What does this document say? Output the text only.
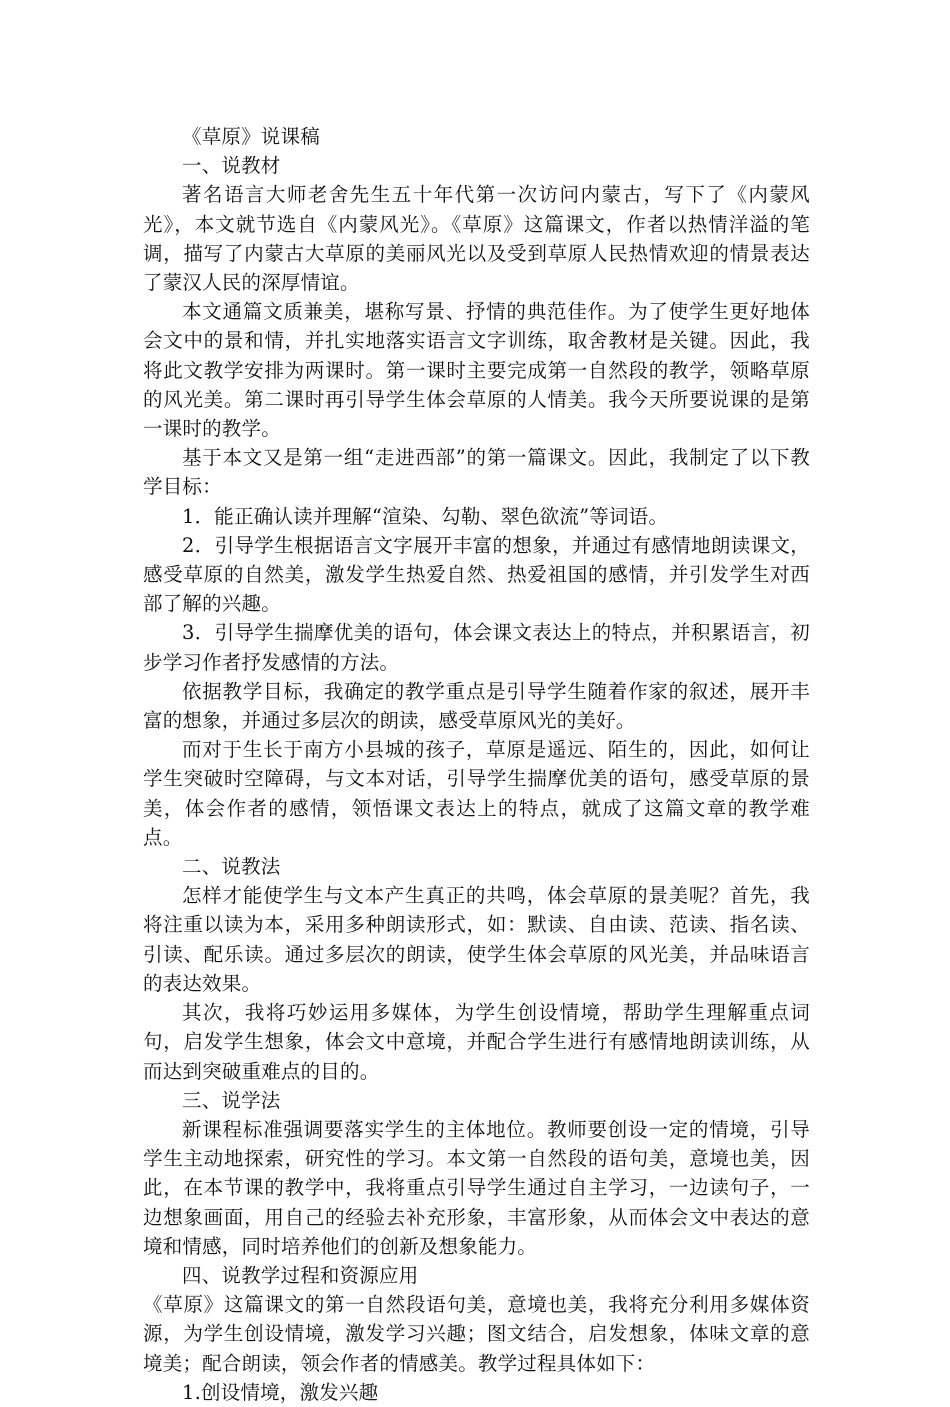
《草原》说课稿

一、说教材

著名语言大师老舍先生五十年代第一次访问内蒙古，写下了《内蒙风光》，本文就节选自《内蒙风光》。《草原》这篇课文，作者以热情洋溢的笔调，描写了内蒙古大草原的美丽风光以及受到草原人民热情欢迎的情景表达了蒙汉人民的深厚情谊。

本文通篇文质兼美，堪称写景、抒情的典范佳作。为了使学生更好地体会文中的景和情，并扎实地落实语言文字训练，取舍教材是关键。因此，我将此文教学安排为两课时。第一课时主要完成第一自然段的教学，领略草原的风光美。第二课时再引导学生体会草原的人情美。我今天所要说课的是第一课时的教学。

基于本文又是第一组“走进西部”的第一篇课文。因此，我制定了以下教学目标：

1．能正确认读并理解“渲染、勾勒、翠色欲流”等词语。

2．引导学生根据语言文字展开丰富的想象，并通过有感情地朗读课文，感受草原的自然美，激发学生热爱自然、热爱祖国的感情，并引发学生对西部了解的兴趣。

3．引导学生揣摩优美的语句，体会课文表达上的特点，并积累语言，初步学习作者抒发感情的方法。

依据教学目标，我确定的教学重点是引导学生随着作家的叙述，展开丰富的想象，并通过多层次的朗读，感受草原风光的美好。

而对于生长于南方小县城的孩子，草原是遥远、陌生的，因此，如何让学生突破时空障碍，与文本对话，引导学生揣摩优美的语句，感受草原的景美，体会作者的感情，领悟课文表达上的特点，就成了这篇文章的教学难点。

二、说教法

怎样才能使学生与文本产生真正的共鸣，体会草原的景美呢？首先，我将注重以读为本，采用多种朗读形式，如：默读、自由读、范读、指名读、引读、配乐读。通过多层次的朗读，使学生体会草原的风光美，并品味语言的表达效果。

其次，我将巧妙运用多媒体，为学生创设情境，帮助学生理解重点词句，启发学生想象，体会文中意境，并配合学生进行有感情地朗读训练，从而达到突破重难点的目的。

三、说学法

新课程标准强调要落实学生的主体地位。教师要创设一定的情境，引导学生主动地探索，研究性的学习。本文第一自然段的语句美，意境也美，因此，在本节课的教学中，我将重点引导学生通过自主学习，一边读句子，一边想象画面，用自己的经验去补充形象，丰富形象，从而体会文中表达的意境和情感，同时培养他们的创新及想象能力。

四、说教学过程和资源应用

《草原》这篇课文的第一自然段语句美，意境也美，我将充分利用多媒体资源，为学生创设情境，激发学习兴趣；图文结合，启发想象，体味文章的意境美；配合朗读，领会作者的情感美。教学过程具体如下：

1.创设情境，激发兴趣
